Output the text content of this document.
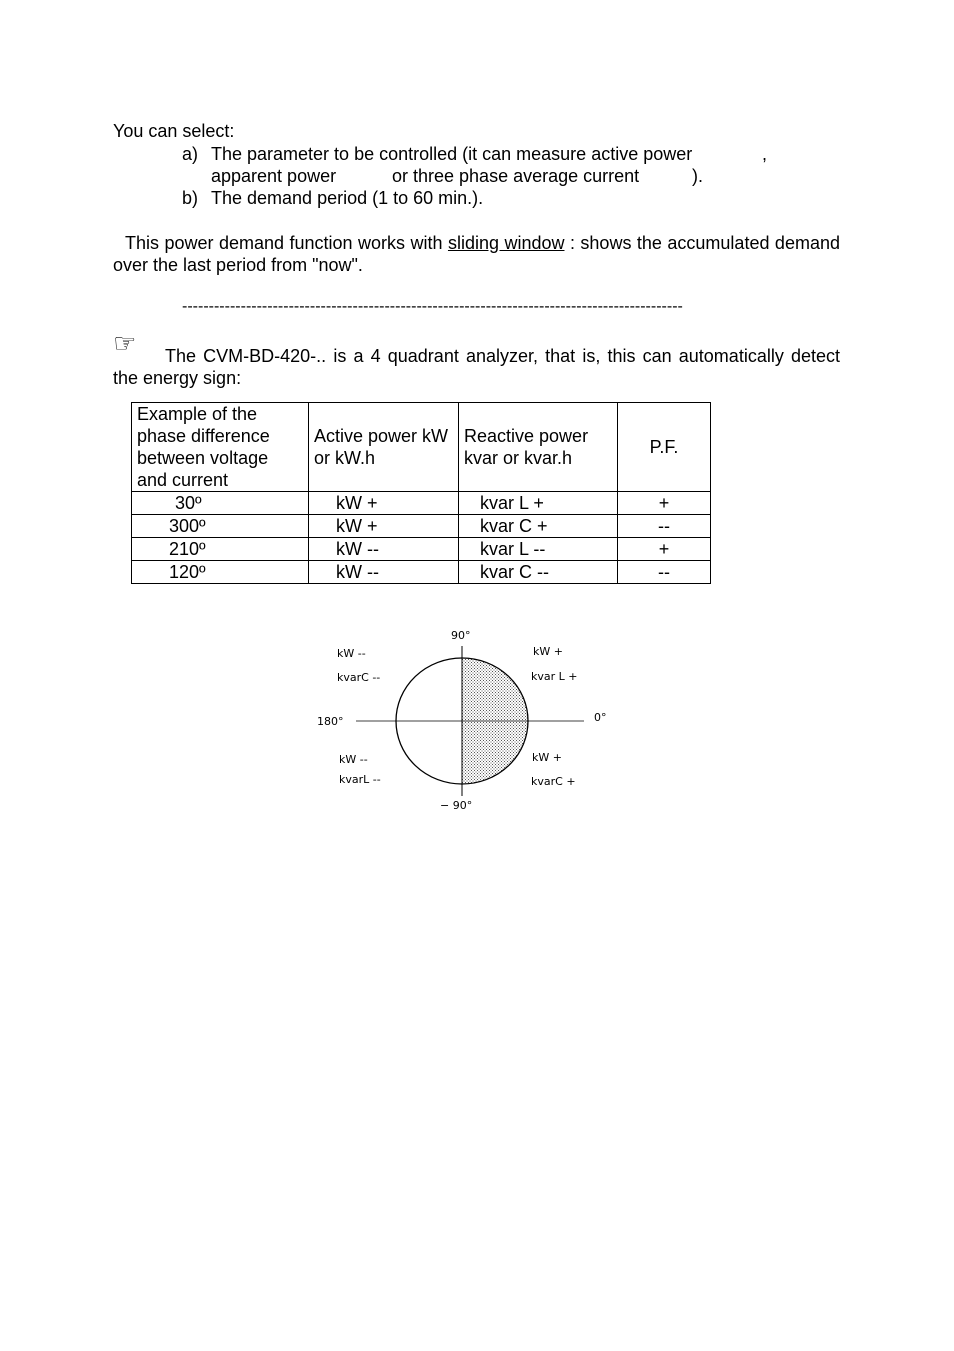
You can select:
a) The parameter to be controlled (it can measure active power	,
apparent power	or three phase average current	).
b) The demand period (1 to 60 min.).
This power demand function works with sliding window : shows the accumulated demand over the last period from "now".
----------------------------------------------------------------------------------------------
☞	The CVM-BD-420-.. is a 4 quadrant analyzer, that is, this can automatically detect the energy sign:
Example of the phase difference between voltage and current	Active power kW or kW.h	Reactive power kvar or kvar.h	P.F.
30º	kW +	kvar L +	+
300º	kW +	kvar C +	--
210º	kW --	kvar L --	+
120º	kW --	kvar C --	--
90°
− 90°
180°	0°
kW --
kvarC --
kW +
kvar L +
kW --
kvarL --
kW +
kvarC +
